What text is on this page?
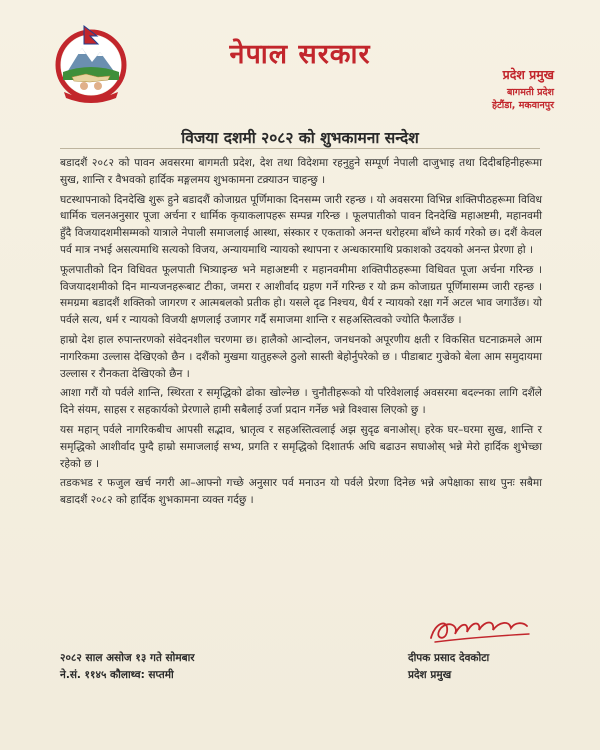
नेपाल सरकार
प्रदेश प्रमुख
बागमती प्रदेश
हेटौंडा, मकवानपुर
विजया दशमी २०८२ को शुभकामना सन्देश

बडादशैं २०८२ को पावन अवसरमा बागमती प्रदेश, देश तथा विदेशमा रहनुहुने सम्पूर्ण नेपाली दाजुभाइ तथा दिदीबहिनीहरूमा सुख, शान्ति र वैभवको हार्दिक मङ्गलमय शुभकामना टक्र्याउन चाहन्छु ।

घटस्थापनाको दिनदेखि शुरू हुने बडादशैं कोजाग्रत पूर्णिमाका दिनसम्म जारी रहन्छ । यो अवसरमा विभिन्न शक्तिपीठहरूमा विविध धार्मिक चलनअनुसार पूजा अर्चना र धार्मिक कृयाकलापहरू सम्पन्न गरिन्छ । फूलपातीको पावन दिनदेखि महाअष्टमी, महानवमी हुँदै विजयादशमीसम्मको यात्राले नेपाली समाजलाई आस्था, संस्कार र एकताको अनन्त धरोहरमा बाँध्ने कार्य गरेको छ। दशैं केवल पर्व मात्र नभई असत्यमाथि सत्यको विजय, अन्यायमाथि न्यायको स्थापना र अन्धकारमाथि प्रकाशको उदयको अनन्त प्रेरणा हो ।

फूलपातीको दिन विधिवत फूलपाती भित्र्याइन्छ भने महाअष्टमी र महानवमीमा शक्तिपीठहरूमा विधिवत पूजा अर्चना गरिन्छ । विजयादशमीको दिन मान्यजनहरूबाट टीका, जमरा र आशीर्वाद ग्रहण गर्ने गरिन्छ र यो क्रम कोजाग्रत पूर्णिमासम्म जारी रहन्छ । समग्रमा बडादशैं शक्तिको जागरण र आत्मबलको प्रतीक हो। यसले दृढ निश्चय, धैर्य र न्यायको रक्षा गर्ने अटल भाव जगाउँछ। यो पर्वले सत्य, धर्म र न्यायको विजयी क्षणलाई उजागर गर्दै समाजमा शान्ति र सहअस्तित्वको ज्योति फैलाउँछ ।

हाम्रो देश हाल रुपान्तरणको संवेदनशील चरणमा छ। हालैको आन्दोलन, जनधनको अपूरणीय क्षती र विकसित घटनाक्रमले आम नागरिकमा उल्लास देखिएको छैन । दशैंको मुखमा यातुहरूले ठुलो सास्ती बेहोर्नुपरेको छ । पीडाबाट गुज्रेको बेला आम समुदायमा उल्लास र रौनकता देखिएको छैन ।

आशा गरौं यो पर्वले शान्ति, स्थिरता र समृद्धिको ढोका खोल्नेछ । चुनौतीहरूको यो परिवेशलाई अवसरमा बदल्नका लागि दशैंले दिने संयम, साहस र सहकार्यको प्रेरणाले हामी सबैलाई उर्जा प्रदान गर्नेछ भन्ने विश्वास लिएको छु ।

यस महान् पर्वले नागरिकबीच आपसी सद्भाव, भ्रातृत्व र सहअस्तित्वलाई अझ सुदृढ बनाओस्। हरेक घर–घरमा सुख, शान्ति र समृद्धिको आशीर्वाद पुग्दै हाम्रो समाजलाई सभ्य, प्रगति र समृद्धिको दिशातर्फ अघि बढाउन सघाओस् भन्ने मेरो हार्दिक शुभेच्छा रहेको छ ।

तडकभड र फजुल खर्च नगरी आ–आफ्नो गच्छे अनुसार पर्व मनाउन यो पर्वले प्रेरणा दिनेछ भन्ने अपेक्षाका साथ पुनः सबैमा बडादशैं २०८२ को हार्दिक शुभकामना व्यक्त गर्दछु ।

२०८२ साल असोज १३ गते सोमबार
ने.सं. ११४५ कौलाथ्व: सप्तमी
दीपक प्रसाद देवकोटा
प्रदेश प्रमुख
